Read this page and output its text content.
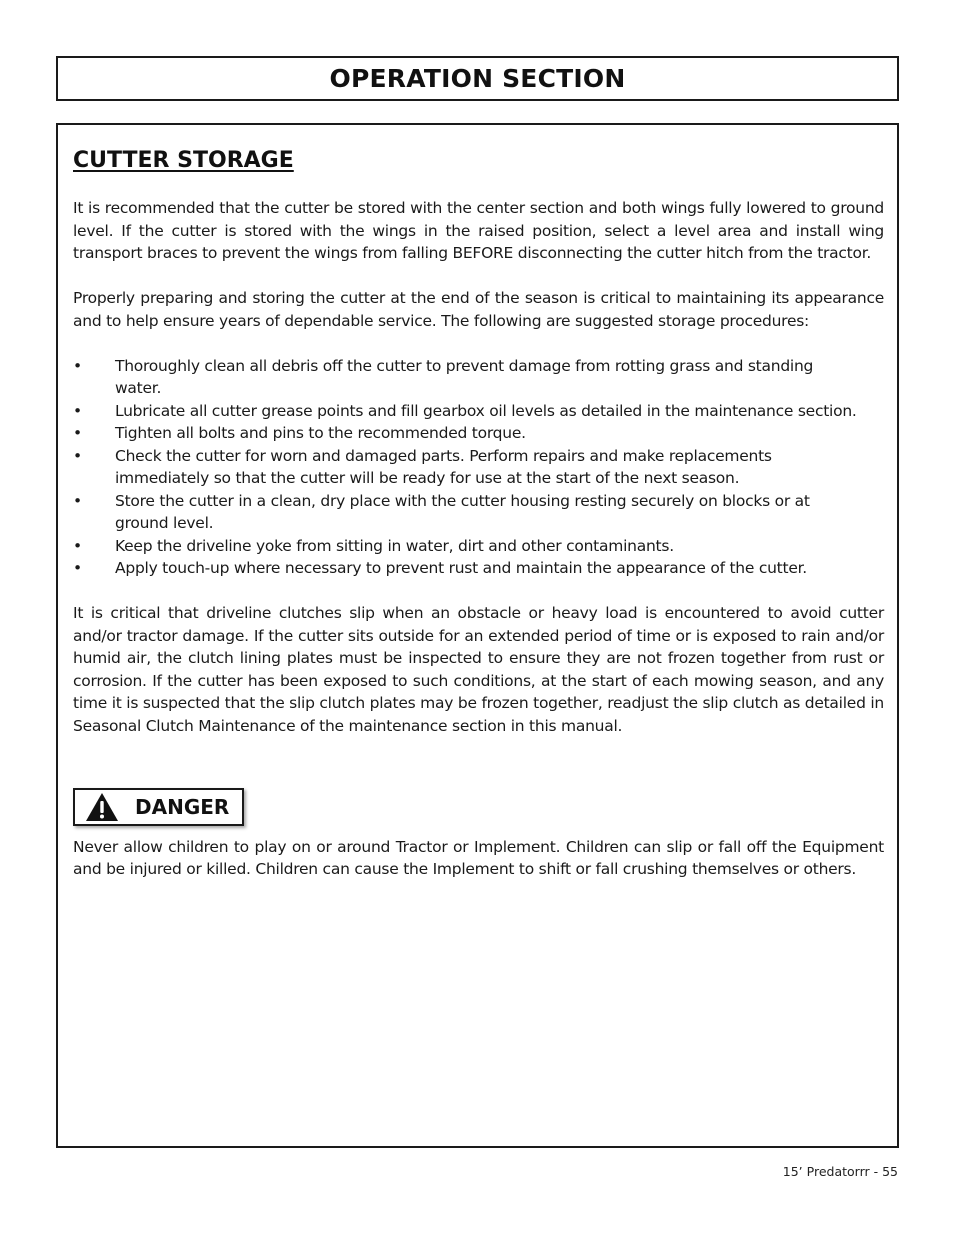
OPERATION SECTION
CUTTER STORAGE

It is recommended that the cutter be stored with the center section and both wings fully lowered to ground level. If the cutter is stored with the wings in the raised position, select a level area and install wing transport braces to prevent the wings from falling BEFORE disconnecting the cutter hitch from the tractor.

Properly preparing and storing the cutter at the end of the season is critical to maintaining its appearance and to help ensure years of dependable service. The following are suggested storage procedures:

• Thoroughly clean all debris off the cutter to prevent damage from rotting grass and standing water.
• Lubricate all cutter grease points and fill gearbox oil levels as detailed in the maintenance section.
• Tighten all bolts and pins to the recommended torque.
• Check the cutter for worn and damaged parts. Perform repairs and make replacements immediately so that the cutter will be ready for use at the start of the next season.
• Store the cutter in a clean, dry place with the cutter housing resting securely on blocks or at ground level.
• Keep the driveline yoke from sitting in water, dirt and other contaminants.
• Apply touch-up where necessary to prevent rust and maintain the appearance of the cutter.

It is critical that driveline clutches slip when an obstacle or heavy load is encountered to avoid cutter and/or tractor damage. If the cutter sits outside for an extended period of time or is exposed to rain and/or humid air, the clutch lining plates must be inspected to ensure they are not frozen together from rust or corrosion. If the cutter has been exposed to such conditions, at the start of each mowing season, and any time it is suspected that the slip clutch plates may be frozen together, readjust the slip clutch as detailed in Seasonal Clutch Maintenance of the maintenance section in this manual.

DANGER

Never allow children to play on or around Tractor or Implement. Children can slip or fall off the Equipment and be injured or killed. Children can cause the Implement to shift or fall crushing themselves or others.

15’ Predatorrr - 55
